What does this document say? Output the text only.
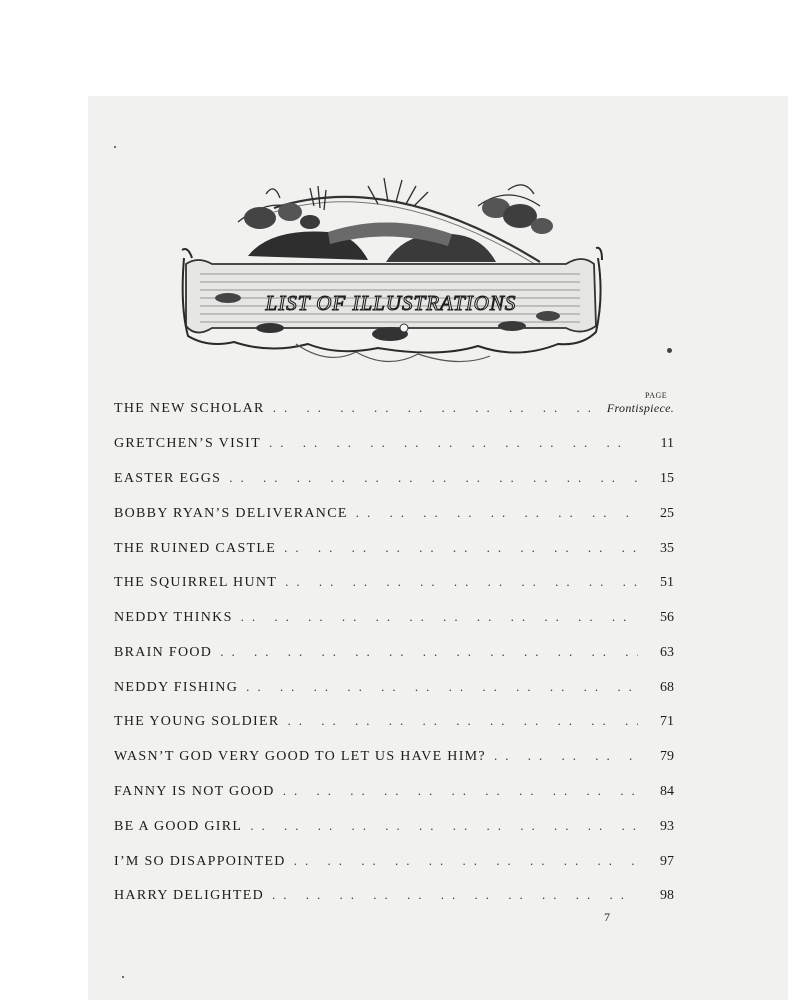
LIST OF ILLUSTRATIONS
PAGE
THE NEW SCHOLAR .. ..	Frontispiece.
GRETCHEN’S VISIT .. ..	11
EASTER EGGS .. ..	15
BOBBY RYAN’S DELIVERANCE .. ..	25
THE RUINED CASTLE .. ..	35
THE SQUIRREL HUNT .. ..	51
NEDDY THINKS .. ..	56
BRAIN FOOD .. ..	63
NEDDY FISHING .. ..	68
THE YOUNG SOLDIER .. ..	71
WASN’T GOD VERY GOOD TO LET US HAVE HIM? .. ..	79
FANNY IS NOT GOOD .. ..	84
BE A GOOD GIRL .. ..	93
I’M SO DISAPPOINTED .. ..	97
HARRY DELIGHTED .. ..	98
7
